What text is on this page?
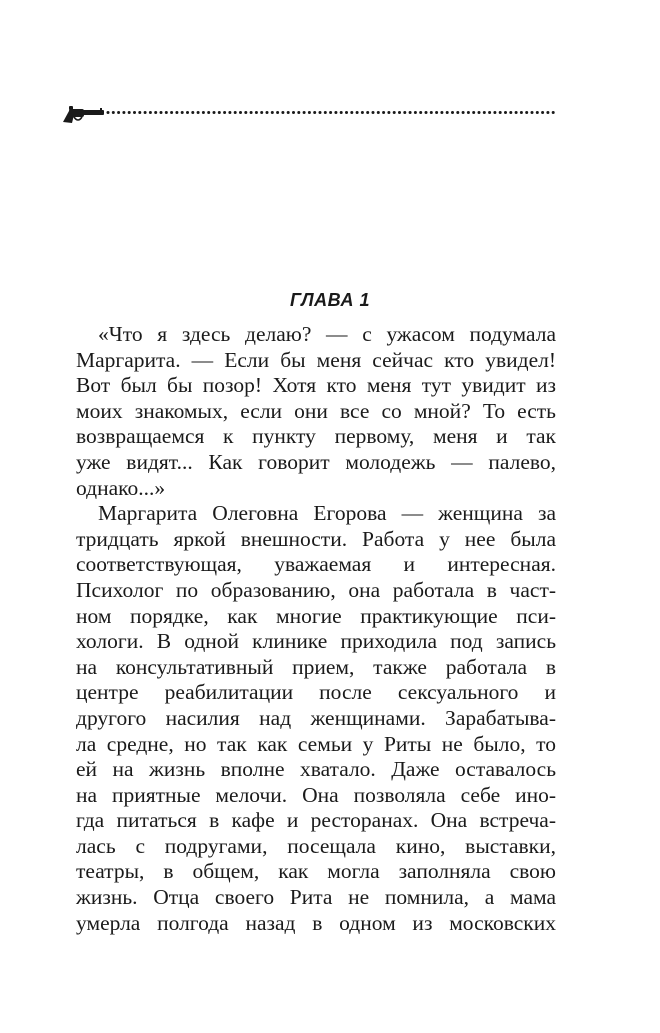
ГЛАВА 1
«Что я здесь делаю? — с ужасом подумала
Маргарита. — Если бы меня сейчас кто увидел!
Вот был бы позор! Хотя кто меня тут увидит из
моих знакомых, если они все со мной? То есть
возвращаемся к пункту первому, меня и так
уже видят... Как говорит молодежь — палево,
однако...»
Маргарита Олеговна Егорова — женщина за
тридцать яркой внешности. Работа у нее была
соответствующая, уважаемая и интересная.
Психолог по образованию, она работала в част-
ном порядке, как многие практикующие пси-
хологи. В одной клинике приходила под запись
на консультативный прием, также работала в
центре реабилитации после сексуального и
другого насилия над женщинами. Зарабатыва-
ла средне, но так как семьи у Риты не было, то
ей на жизнь вполне хватало. Даже оставалось
на приятные мелочи. Она позволяла себе ино-
гда питаться в кафе и ресторанах. Она встреча-
лась с подругами, посещала кино, выставки,
театры, в общем, как могла заполняла свою
жизнь. Отца своего Рита не помнила, а мама
умерла полгода назад в одном из московских
